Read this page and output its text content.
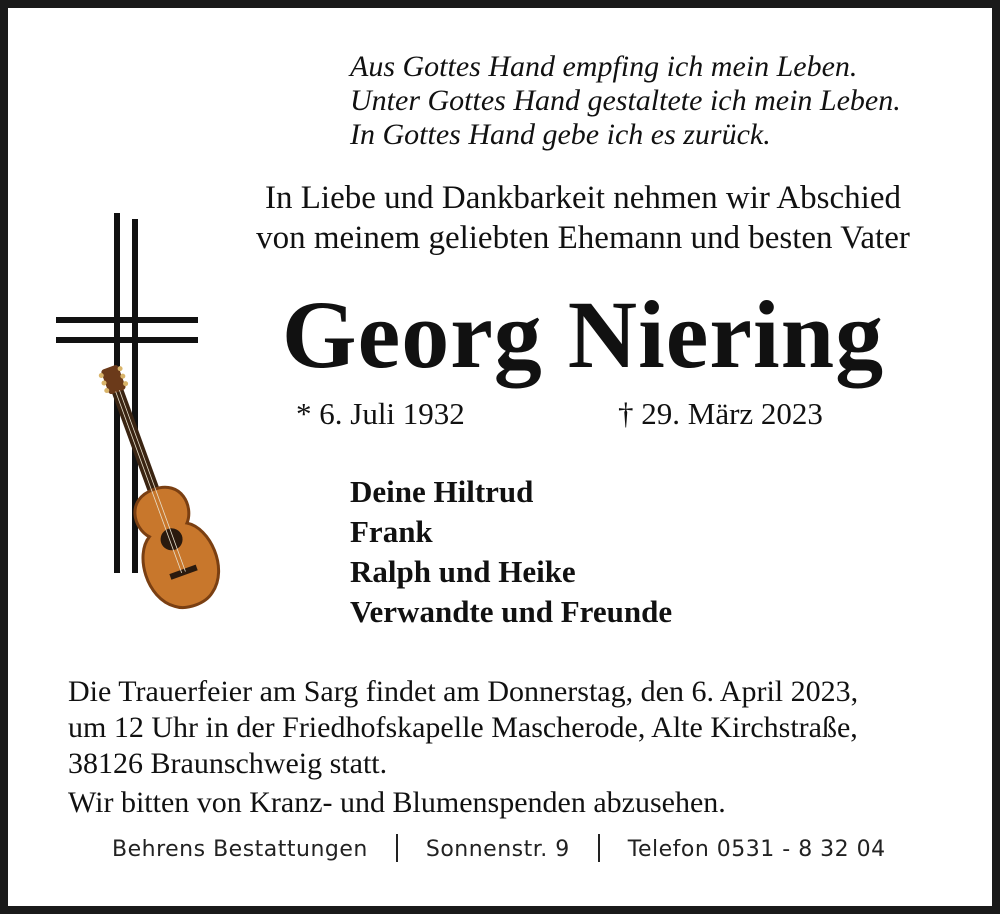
Aus Gottes Hand empfing ich mein Leben.
Unter Gottes Hand gestaltete ich mein Leben.
In Gottes Hand gebe ich es zurück.
In Liebe und Dankbarkeit nehmen wir Abschied
von meinem geliebten Ehemann und besten Vater
Georg Niering
* 6. Juli 1932	† 29. März 2023
Deine Hiltrud
Frank
Ralph und Heike
Verwandte und Freunde
Die Trauerfeier am Sarg findet am Donnerstag, den 6. April 2023,
um 12 Uhr in der Friedhofskapelle Mascherode, Alte Kirchstraße,
38126 Braunschweig statt.
Wir bitten von Kranz- und Blumenspenden abzusehen.
Behrens Bestattungen	Sonnenstr. 9	Telefon 0531 - 8 32 04
